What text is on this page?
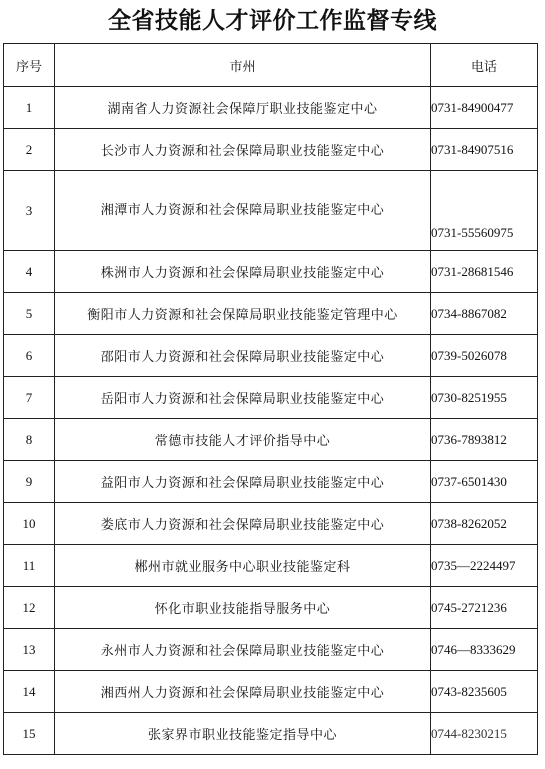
全省技能人才评价工作监督专线
序号	市州	电话
1	湖南省人力资源社会保障厅职业技能鉴定中心	0731-84900477
2	长沙市人力资源和社会保障局职业技能鉴定中心	0731-84907516
3	湘潭市人力资源和社会保障局职业技能鉴定中心	0731-55560975
4	株洲市人力资源和社会保障局职业技能鉴定中心	0731-28681546
5	衡阳市人力资源和社会保障局职业技能鉴定管理中心	0734-8867082
6	邵阳市人力资源和社会保障局职业技能鉴定中心	0739-5026078
7	岳阳市人力资源和社会保障局职业技能鉴定中心	0730-8251955
8	常德市技能人才评价指导中心	0736-7893812
9	益阳市人力资源和社会保障局职业技能鉴定中心	0737-6501430
10	娄底市人力资源和社会保障局职业技能鉴定中心	0738-8262052
11	郴州市就业服务中心职业技能鉴定科	0735—2224497
12	怀化市职业技能指导服务中心	0745-2721236
13	永州市人力资源和社会保障局职业技能鉴定中心	0746—8333629
14	湘西州人力资源和社会保障局职业技能鉴定中心	0743-8235605
15	张家界市职业技能鉴定指导中心	0744-8230215
